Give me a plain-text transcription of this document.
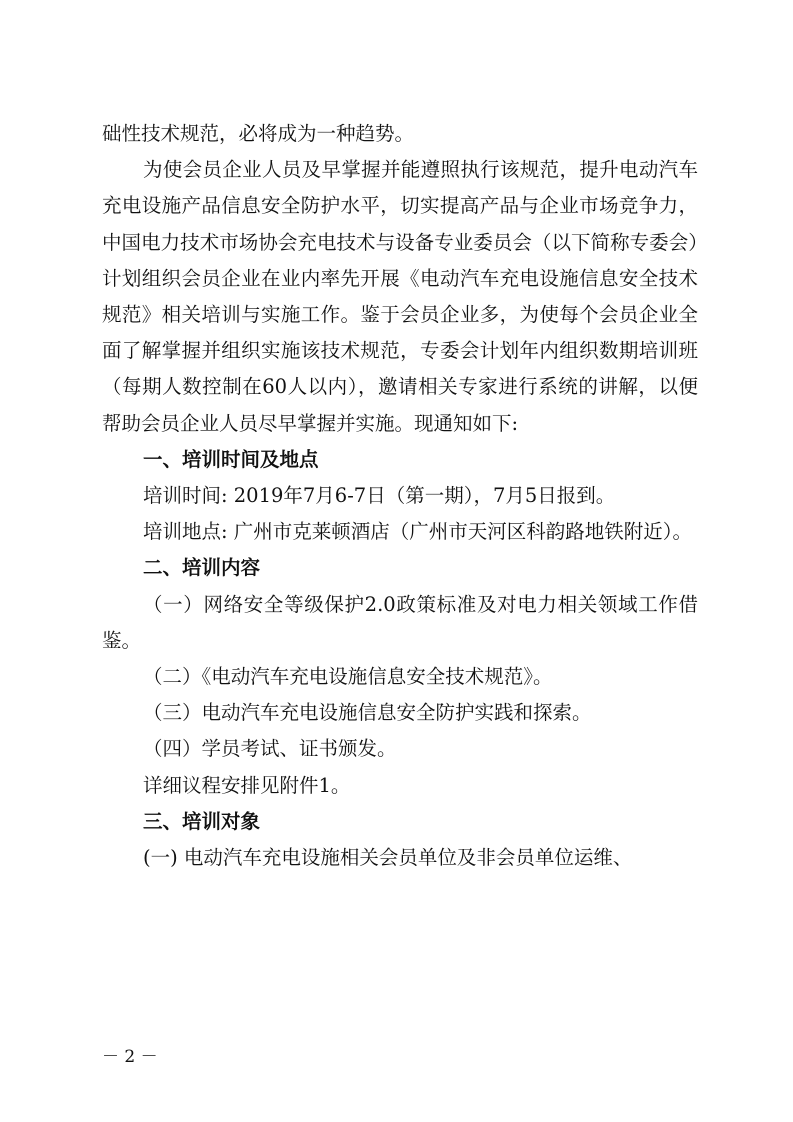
础性技术规范，必将成为一种趋势。

为使会员企业人员及早掌握并能遵照执行该规范，提升电动汽车充电设施产品信息安全防护水平，切实提高产品与企业市场竞争力，中国电力技术市场协会充电技术与设备专业委员会（以下简称专委会）计划组织会员企业在业内率先开展《电动汽车充电设施信息安全技术规范》相关培训与实施工作。鉴于会员企业多，为使每个会员企业全面了解掌握并组织实施该技术规范，专委会计划年内组织数期培训班（每期人数控制在60人以内），邀请相关专家进行系统的讲解，以便帮助会员企业人员尽早掌握并实施。现通知如下:

一、培训时间及地点

培训时间: 2019年7月6-7日（第一期），7月5日报到。

培训地点: 广州市克莱顿酒店（广州市天河区科韵路地铁附近）。

二、培训内容

（一）网络安全等级保护2.0政策标准及对电力相关领域工作借鉴。

（二）《电动汽车充电设施信息安全技术规范》。

（三）电动汽车充电设施信息安全防护实践和探索。

（四）学员考试、证书颁发。

详细议程安排见附件1。

三、培训对象

(一) 电动汽车充电设施相关会员单位及非会员单位运维、

－ 2 －
